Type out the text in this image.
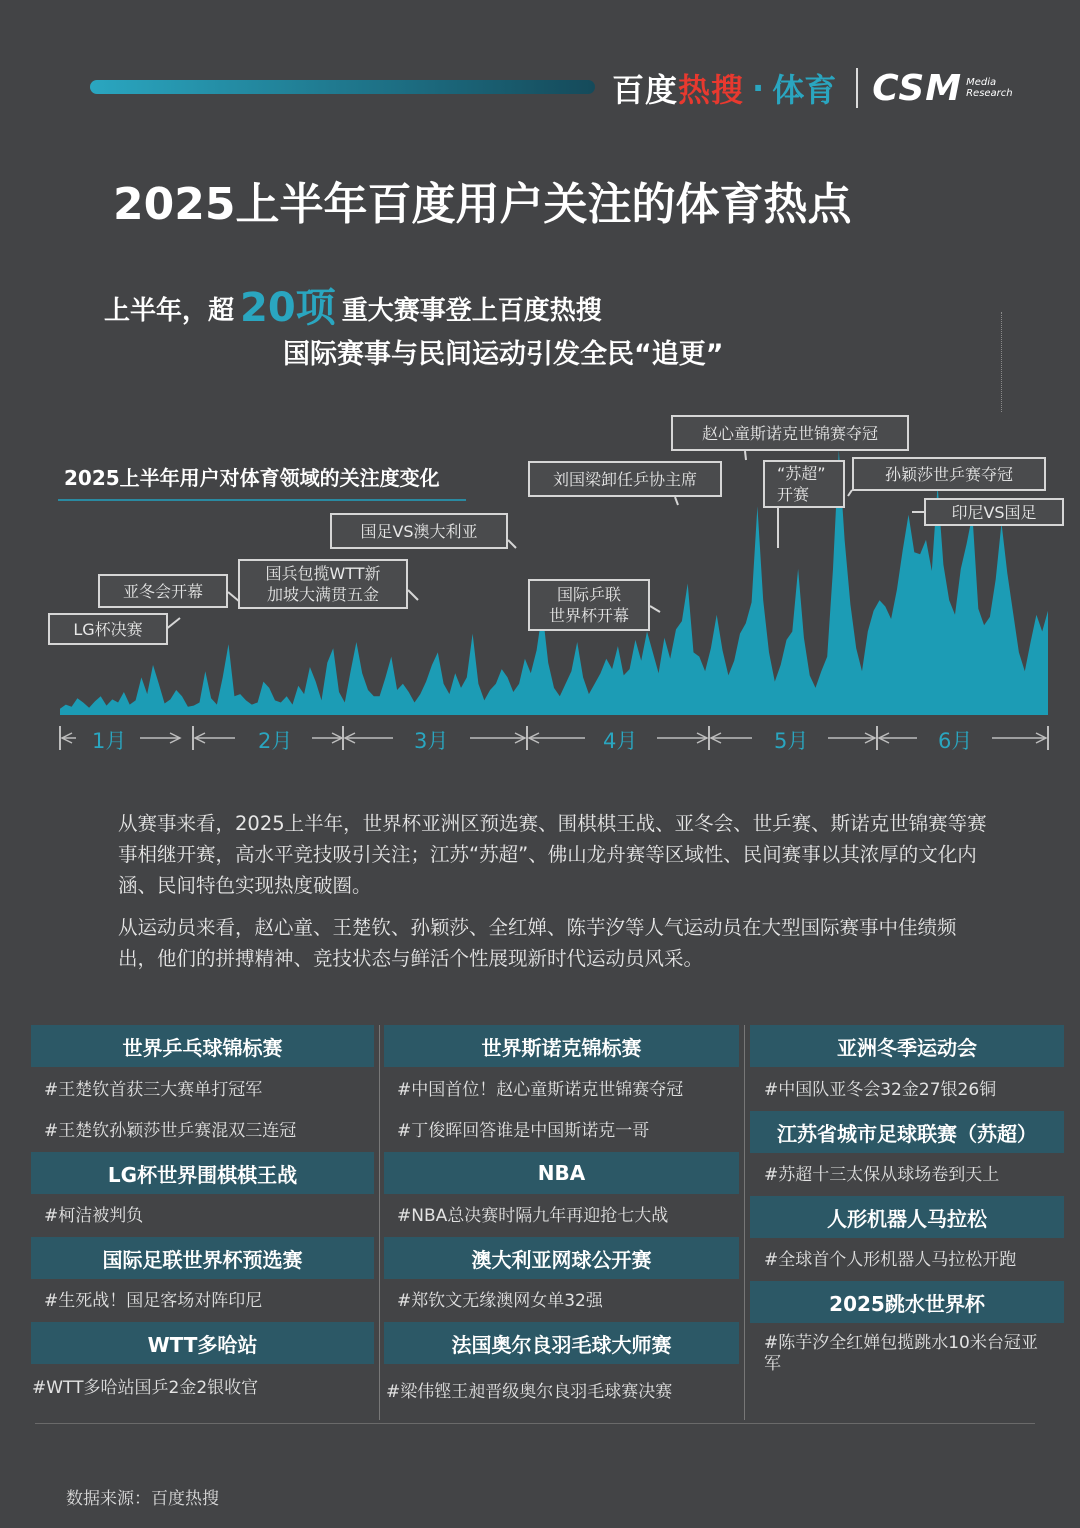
百度热搜 · 体育 CSM Media
Research
2025上半年百度用户关注的体育热点
上半年，超 20项 重大赛事登上百度热搜
国际赛事与民间运动引发全民“追更”
2025上半年用户对体育领域的关注度变化
LG杯决赛
亚冬会开幕
国兵包揽WTT新
加坡大满贯五金
国足VS澳大利亚
刘国梁卸任乒协主席
国际乒联
世界杯开幕
赵心童斯诺克世锦赛夺冠
“苏超”
开赛
孙颖莎世乒赛夺冠
印尼VS国足
1月	2月	3月	4月	5月	6月
从赛事来看，2025上半年，世界杯亚洲区预选赛、围棋棋王战、亚冬会、世乒赛、斯诺克世锦赛等赛事相继开赛，高水平竞技吸引关注；江苏“苏超”、佛山龙舟赛等区域性、民间赛事以其浓厚的文化内涵、民间特色实现热度破圈。
从运动员来看，赵心童、王楚钦、孙颖莎、全红婵、陈芋汐等人气运动员在大型国际赛事中佳绩频出，他们的拼搏精神、竞技状态与鲜活个性展现新时代运动员风采。
世界乒乓球锦标赛
#王楚钦首获三大赛单打冠军
#王楚钦孙颖莎世乒赛混双三连冠
LG杯世界围棋棋王战
#柯洁被判负
国际足联世界杯预选赛
#生死战！国足客场对阵印尼
WTT多哈站
#WTT多哈站国乒2金2银收官
世界斯诺克锦标赛
#中国首位！赵心童斯诺克世锦赛夺冠
#丁俊晖回答谁是中国斯诺克一哥
NBA
#NBA总决赛时隔九年再迎抢七大战
澳大利亚网球公开赛
#郑钦文无缘澳网女单32强
法国奥尔良羽毛球大师赛
#梁伟铿王昶晋级奥尔良羽毛球赛决赛
亚洲冬季运动会
#中国队亚冬会32金27银26铜
江苏省城市足球联赛（苏超）
#苏超十三太保从球场卷到天上
人形机器人马拉松
#全球首个人形机器人马拉松开跑
2025跳水世界杯
#陈芋汐全红婵包揽跳水10米台冠亚军
数据来源：百度热搜
